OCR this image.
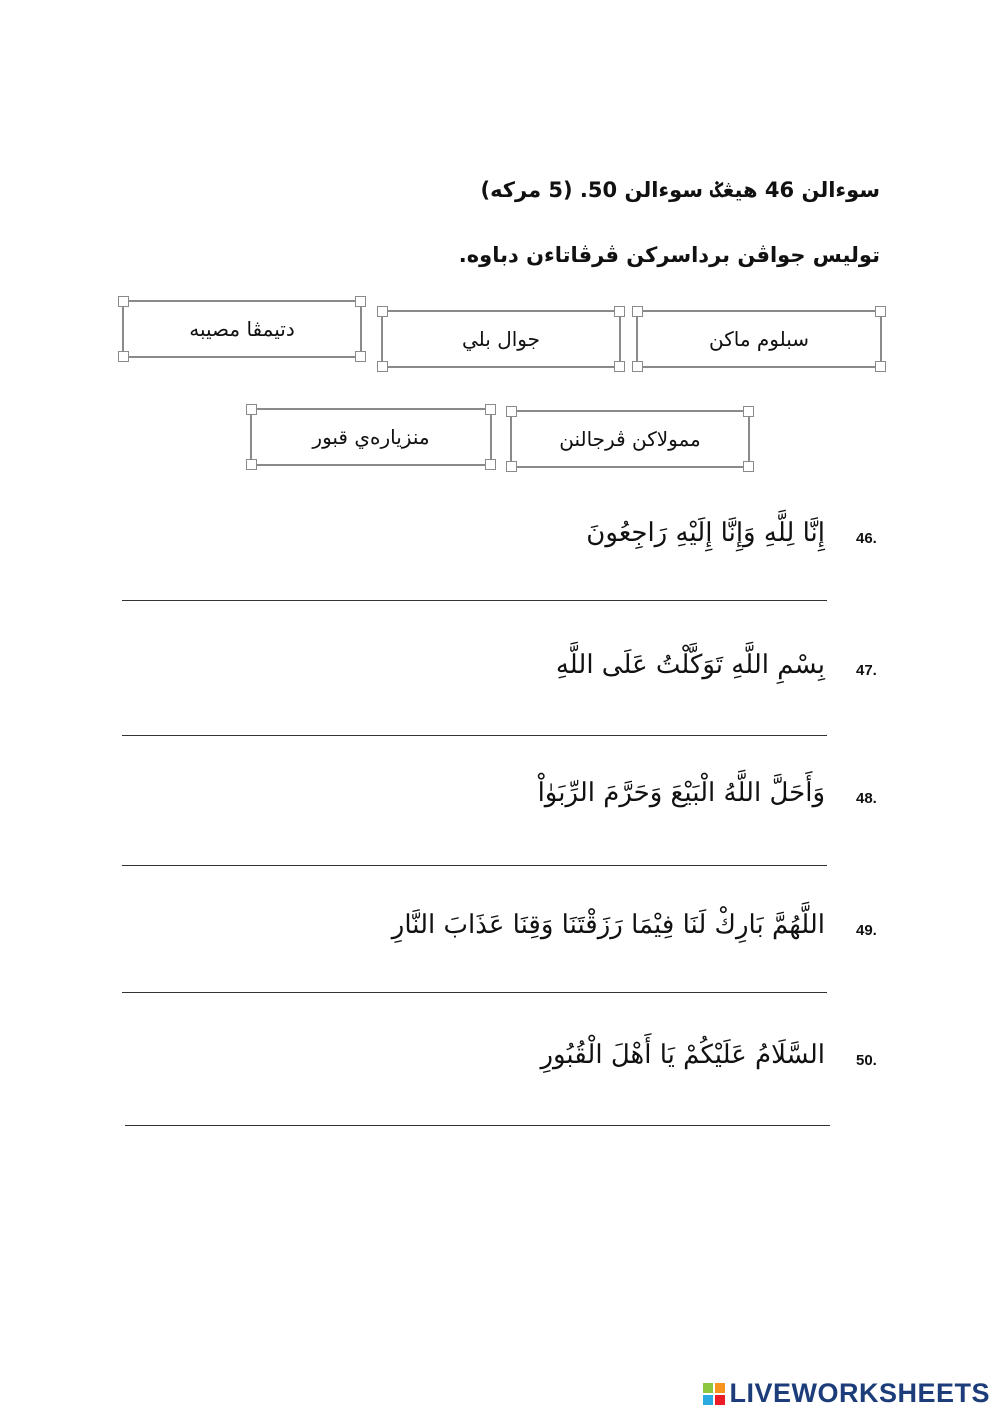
سوءالن 46 هيڠݢ سوءالن 50. (5 مركه)
توليس جواڤن برداسركن ڤرڤاتاءن دباوه.
سبلوم ماكن
جوال بلي
دتيمڤا مصيبه
ممولاكن ڤرجالنن
منزياره‌ي قبور
46.
إِنَّا لِلَّهِ وَإِنَّا إِلَيْهِ رَاجِعُونَ
47.
بِسْمِ اللَّهِ تَوَكَّلْتُ عَلَى اللَّهِ
48.
وَأَحَلَّ اللَّهُ الْبَيْعَ وَحَرَّمَ الرِّبَوٰاْ
49.
اللَّهُمَّ بَارِكْ لَنَا فِيْمَا رَزَقْتَنَا وَقِنَا عَذَابَ النَّارِ
50.
السَّلَامُ عَلَيْكُمْ يَا أَهْلَ الْقُبُورِ
LIVEWORKSHEETS
